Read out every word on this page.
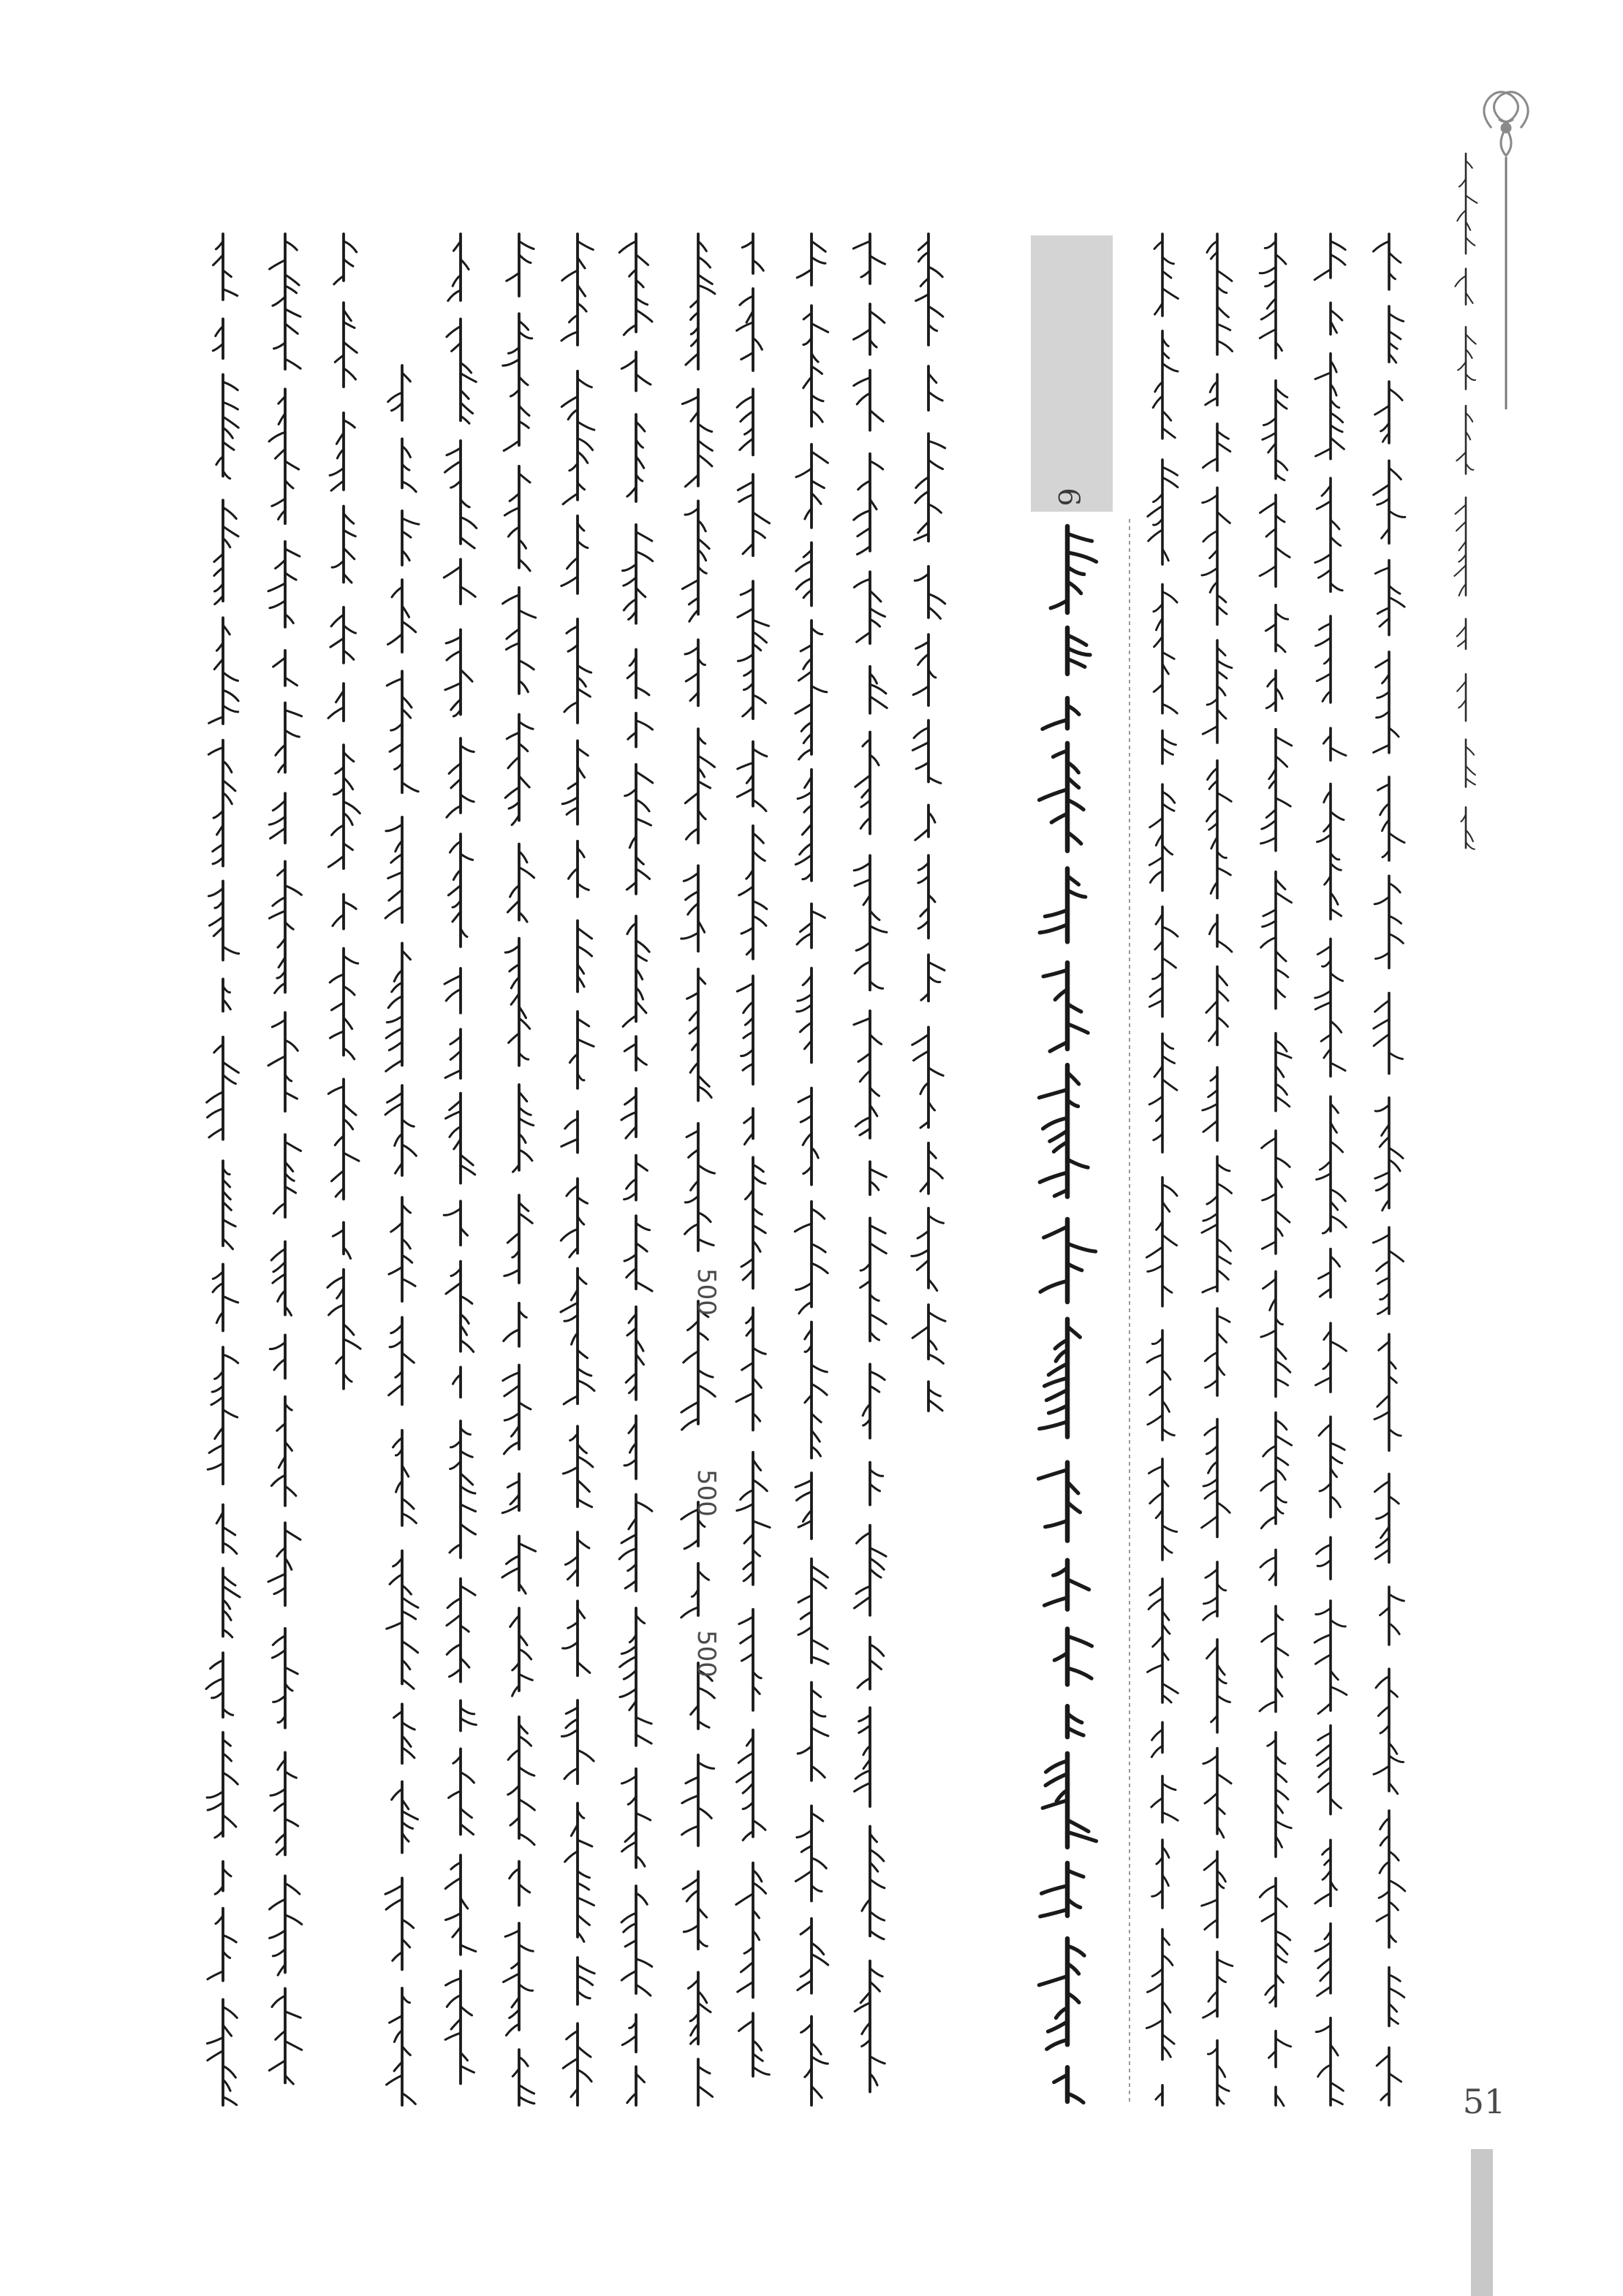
6
500
500
500
51
